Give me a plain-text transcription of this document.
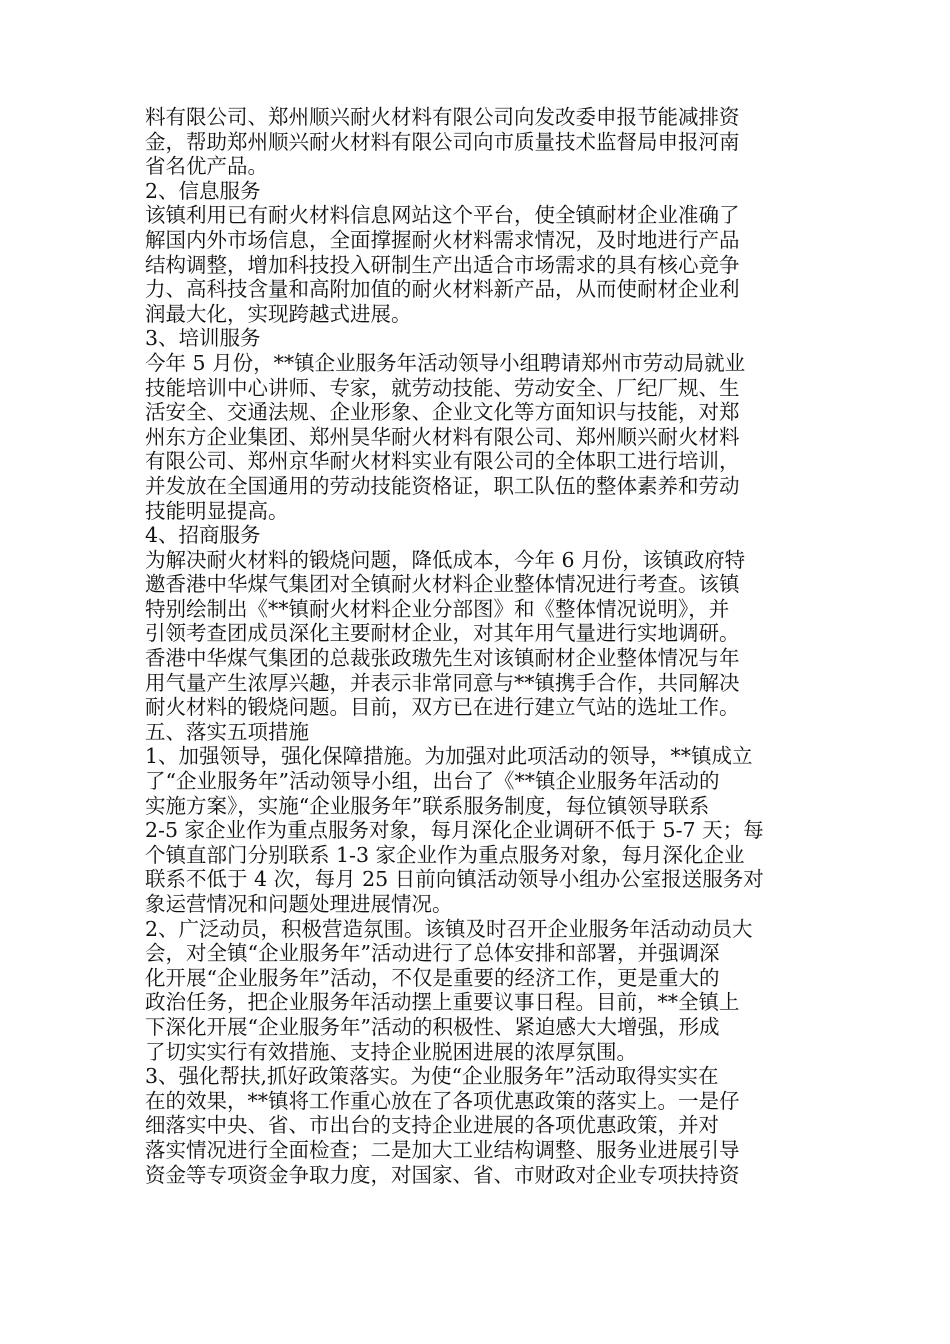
料有限公司、郑州顺兴耐火材料有限公司向发改委申报节能减排资
金，帮助郑州顺兴耐火材料有限公司向市质量技术监督局申报河南
省名优产品。
2、信息服务
该镇利用已有耐火材料信息网站这个平台，使全镇耐材企业准确了
解国内外市场信息，全面撑握耐火材料需求情况，及时地进行产品
结构调整，增加科技投入研制生产出适合市场需求的具有核心竞争
力、高科技含量和高附加值的耐火材料新产品，从而使耐材企业利
润最大化，实现跨越式进展。
3、培训服务
今年 5 月份，**镇企业服务年活动领导小组聘请郑州市劳动局就业
技能培训中心讲师、专家，就劳动技能、劳动安全、厂纪厂规、生
活安全、交通法规、企业形象、企业文化等方面知识与技能，对郑
州东方企业集团、郑州昊华耐火材料有限公司、郑州顺兴耐火材料
有限公司、郑州京华耐火材料实业有限公司的全体职工进行培训，
并发放在全国通用的劳动技能资格证，职工队伍的整体素养和劳动
技能明显提高。
4、招商服务
为解决耐火材料的锻烧问题，降低成本，今年 6 月份，该镇政府特
邀香港中华煤气集团对全镇耐火材料企业整体情况进行考查。该镇
特别绘制出《**镇耐火材料企业分部图》和《整体情况说明》，并
引领考查团成员深化主要耐材企业，对其年用气量进行实地调研。
香港中华煤气集团的总裁张政璈先生对该镇耐材企业整体情况与年
用气量产生浓厚兴趣，并表示非常同意与**镇携手合作，共同解决
耐火材料的锻烧问题。目前，双方已在进行建立气站的选址工作。
五、落实五项措施
1、加强领导，强化保障措施。为加强对此项活动的领导，**镇成立
了“企业服务年”活动领导小组，出台了《**镇企业服务年活动的
实施方案》，实施“企业服务年”联系服务制度，每位镇领导联系
2-5 家企业作为重点服务对象，每月深化企业调研不低于 5-7 天；每
个镇直部门分别联系 1-3 家企业作为重点服务对象，每月深化企业
联系不低于 4 次，每月 25 日前向镇活动领导小组办公室报送服务对
象运营情况和问题处理进展情况。
2、广泛动员，积极营造氛围。该镇及时召开企业服务年活动动员大
会，对全镇“企业服务年”活动进行了总体安排和部署，并强调深
化开展“企业服务年”活动，不仅是重要的经济工作，更是重大的
政治任务，把企业服务年活动摆上重要议事日程。目前，**全镇上
下深化开展“企业服务年”活动的积极性、紧迫感大大增强，形成
了切实实行有效措施、支持企业脱困进展的浓厚氛围。
3、强化帮扶,抓好政策落实。为使“企业服务年”活动取得实实在
在的效果，**镇将工作重心放在了各项优惠政策的落实上。一是仔
细落实中央、省、市出台的支持企业进展的各项优惠政策，并对
落实情况进行全面检查；二是加大工业结构调整、服务业进展引导
资金等专项资金争取力度，对国家、省、市财政对企业专项扶持资
